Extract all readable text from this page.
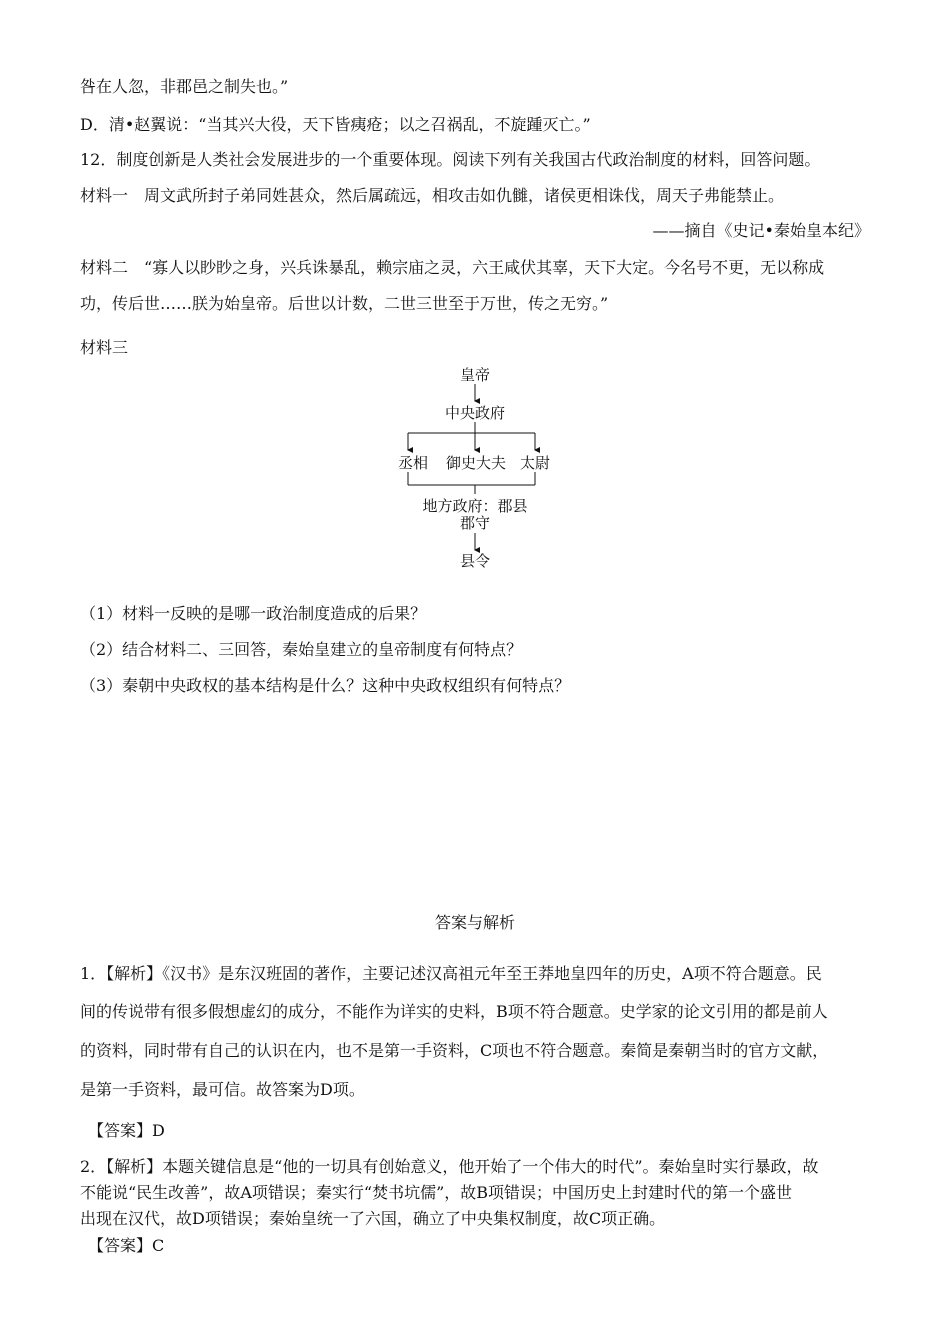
咎在人忽，非郡邑之制失也。”
D．清•赵翼说：“当其兴大役，天下皆痍疮；以之召祸乱，不旋踵灭亡。”
12．制度创新是人类社会发展进步的一个重要体现。阅读下列有关我国古代政治制度的材料，回答问题。
材料一　周文武所封子弟同姓甚众，然后属疏远，相攻击如仇雠，诸侯更相诛伐，周天子弗能禁止。
——摘自《史记•秦始皇本纪》
材料二　“寡人以眇眇之身，兴兵诛暴乱，赖宗庙之灵，六王咸伏其辜，天下大定。今名号不更，无以称成
功，传后世……朕为始皇帝。后世以计数，二世三世至于万世，传之无穷。”
材料三
皇帝
中央政府
丞相 御史大夫 太尉
地方政府：郡县
郡守
县令
（1）材料一反映的是哪一政治制度造成的后果？
（2）结合材料二、三回答，秦始皇建立的皇帝制度有何特点？
（3）秦朝中央政权的基本结构是什么？这种中央政权组织有何特点？
答案与解析
1．【解析】《汉书》是东汉班固的著作，主要记述汉高祖元年至王莽地皇四年的历史，A项不符合题意。民
间的传说带有很多假想虚幻的成分，不能作为详实的史料，B项不符合题意。史学家的论文引用的都是前人
的资料，同时带有自己的认识在内，也不是第一手资料，C项也不符合题意。秦简是秦朝当时的官方文献，
是第一手资料，最可信。故答案为D项。
【答案】D
2．【解析】本题关键信息是“他的一切具有创始意义，他开始了一个伟大的时代”。秦始皇时实行暴政，故
不能说“民生改善”，故A项错误；秦实行“焚书坑儒”，故B项错误；中国历史上封建时代的第一个盛世
出现在汉代，故D项错误；秦始皇统一了六国，确立了中央集权制度，故C项正确。
【答案】C
